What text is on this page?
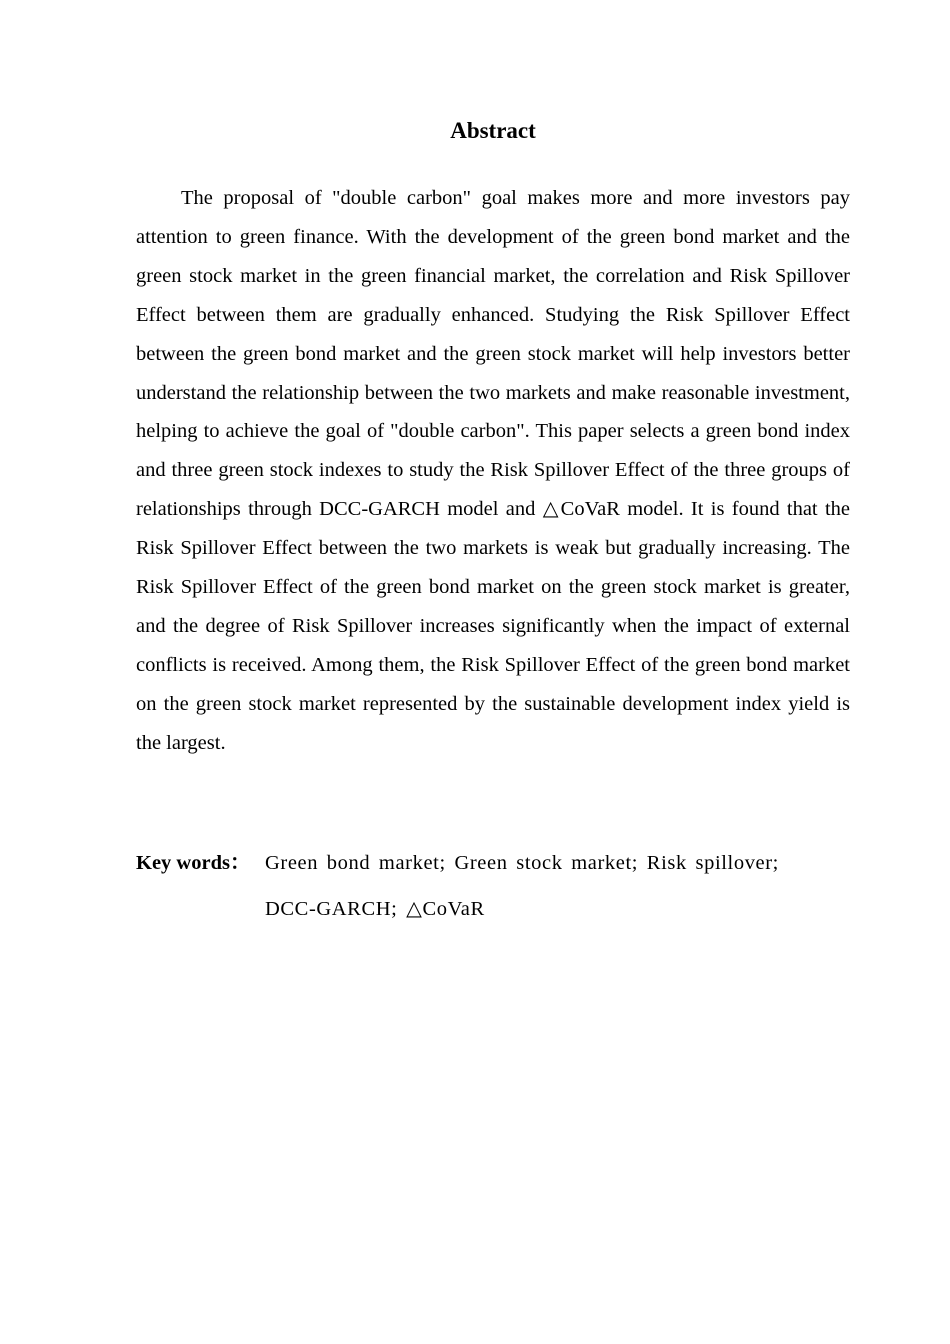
Abstract
The proposal of "double carbon" goal makes more and more investors pay attention to green finance. With the development of the green bond market and the green stock market in the green financial market, the correlation and Risk Spillover Effect between them are gradually enhanced. Studying the Risk Spillover Effect between the green bond market and the green stock market will help investors better understand the relationship between the two markets and make reasonable investment, helping to achieve the goal of "double carbon". This paper selects a green bond index and three green stock indexes to study the Risk Spillover Effect of the three groups of relationships through DCC-GARCH model and △CoVaR model. It is found that the Risk Spillover Effect between the two markets is weak but gradually increasing. The Risk Spillover Effect of the green bond market on the green stock market is greater, and the degree of Risk Spillover increases significantly when the impact of external conflicts is received. Among them, the Risk Spillover Effect of the green bond market on the green stock market represented by the sustainable development index yield is the largest.
Key words： Green bond market; Green stock market; Risk spillover; DCC-GARCH; △CoVaR
